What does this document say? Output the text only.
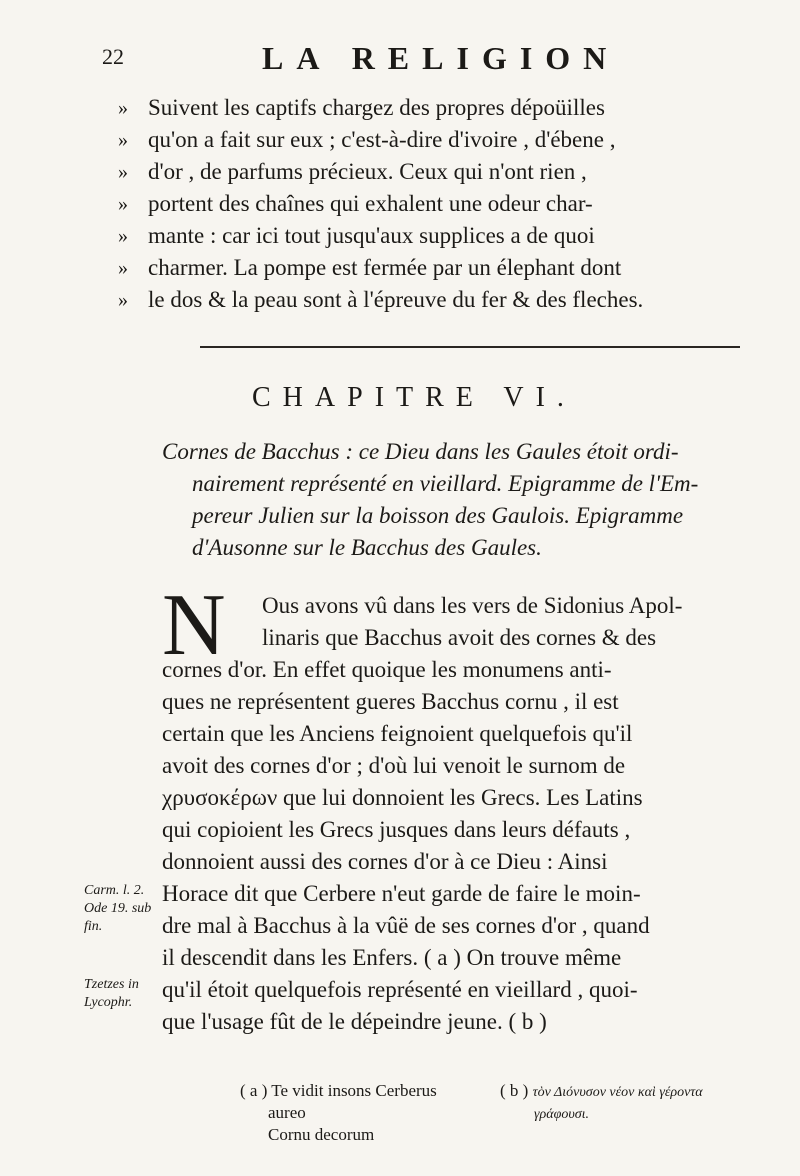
22	LA RELIGION
» Suivent les captifs chargez des propres dépoüilles
» qu'on a fait sur eux ; c'est-à-dire d'ivoire , d'ébene ,
» d'or , de parfums précieux. Ceux qui n'ont rien ,
» portent des chaînes qui exhalent une odeur char-
» mante : car ici tout jusqu'aux supplices a de quoi
» charmer. La pompe est fermée par un élephant dont
» le dos & la peau sont à l'épreuve du fer & des fleches.
CHAPITRE VI.
Cornes de Bacchus : ce Dieu dans les Gaules étoit ordi-
nairement représenté en vieillard. Epigramme de l'Em-
pereur Julien sur la boisson des Gaulois. Epigramme
d'Ausonne sur le Bacchus des Gaules.
N	Ous avons vû dans les vers de Sidonius Apol-
linaris que Bacchus avoit des cornes & des
cornes d'or. En effet quoique les monumens anti-
ques ne représentent gueres Bacchus cornu , il est
certain que les Anciens feignoient quelquefois qu'il
avoit des cornes d'or ; d'où lui venoit le surnom de
χρυσοκέρων que lui donnoient les Grecs. Les Latins
qui copioient les Grecs jusques dans leurs défauts ,
donnoient aussi des cornes d'or à ce Dieu : Ainsi
Horace dit que Cerbere n'eut garde de faire le moin-
dre mal à Bacchus à la vûë de ses cornes d'or , quand
il descendit dans les Enfers. ( a ) On trouve même
qu'il étoit quelquefois représenté en vieillard , quoi-
que l'usage fût de le dépeindre jeune. ( b )
Carm. l. 2.
Ode 19. sub
fin.
Tzetzes in
Lycophr.
( a ) Te vidit insons Cerberus
aureo
Cornu decorum
( b ) τὸν Διόνυσον νέον καὶ γέροντα
γράφουσι.
